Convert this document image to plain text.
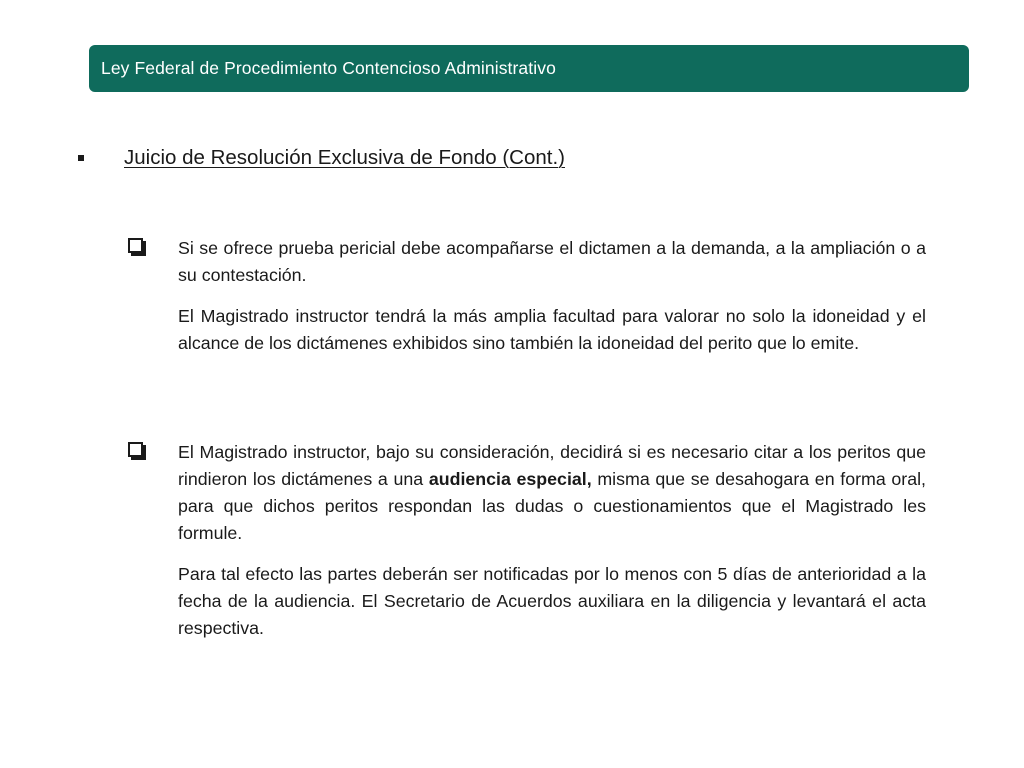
Ley Federal de Procedimiento Contencioso Administrativo
Juicio de Resolución Exclusiva de Fondo (Cont.)

Si se ofrece prueba pericial debe acompañarse el dictamen a la demanda, a la ampliación o a su contestación.

El Magistrado instructor tendrá la más amplia facultad para valorar no solo la idoneidad y el alcance de los dictámenes exhibidos sino también la idoneidad del perito que lo emite.

El Magistrado instructor, bajo su consideración, decidirá si es necesario citar a los peritos que rindieron los dictámenes a una audiencia especial, misma que se desahogara en forma oral, para que dichos peritos respondan las dudas o cuestionamientos que el Magistrado les formule.

Para tal efecto las partes deberán ser notificadas por lo menos con 5 días de anterioridad a la fecha de la audiencia. El Secretario de Acuerdos auxiliara en la diligencia y levantará el acta respectiva.
